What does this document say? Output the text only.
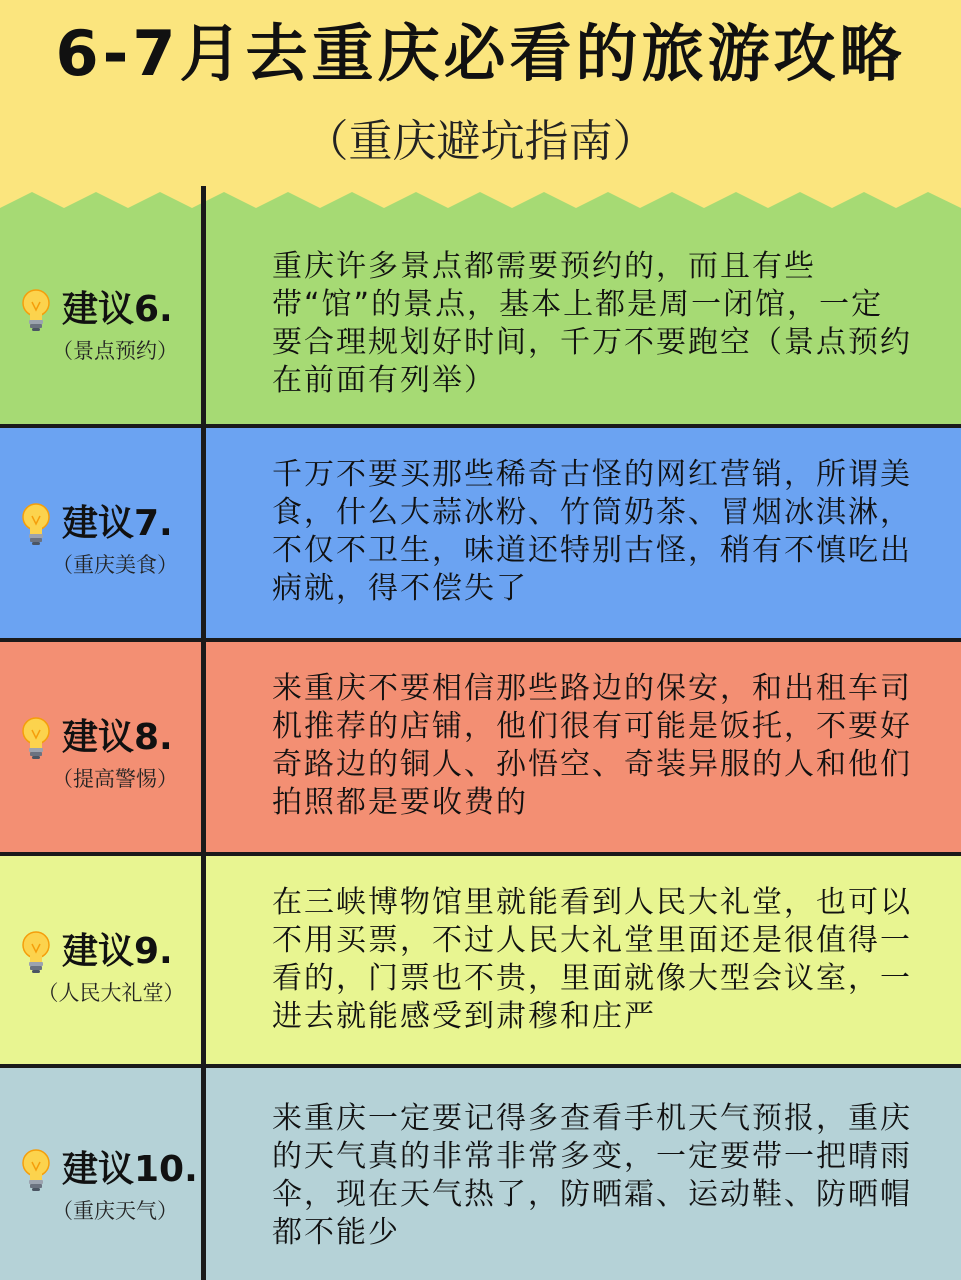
6-7月去重庆必看的旅游攻略
（重庆避坑指南）
建议6.
（景点预约）
重庆许多景点都需要预约的，而且有些带“馆”的景点，基本上都是周一闭馆，一定要合理规划好时间，千万不要跑空（景点预约在前面有列举）
建议7.
（重庆美食）
千万不要买那些稀奇古怪的网红营销，所谓美食，什么大蒜冰粉、竹筒奶茶、冒烟冰淇淋，不仅不卫生，味道还特别古怪，稍有不慎吃出病就，得不偿失了
建议8.
（提高警惕）
来重庆不要相信那些路边的保安，和出租车司机推荐的店铺，他们很有可能是饭托，不要好奇路边的铜人、孙悟空、奇装异服的人和他们拍照都是要收费的
建议9.
（人民大礼堂）
在三峡博物馆里就能看到人民大礼堂，也可以不用买票，不过人民大礼堂里面还是很值得一看的，门票也不贵，里面就像大型会议室，一进去就能感受到肃穆和庄严
建议10.
（重庆天气）
来重庆一定要记得多查看手机天气预报，重庆的天气真的非常非常多变，一定要带一把晴雨伞，现在天气热了，防晒霜、运动鞋、防晒帽都不能少
